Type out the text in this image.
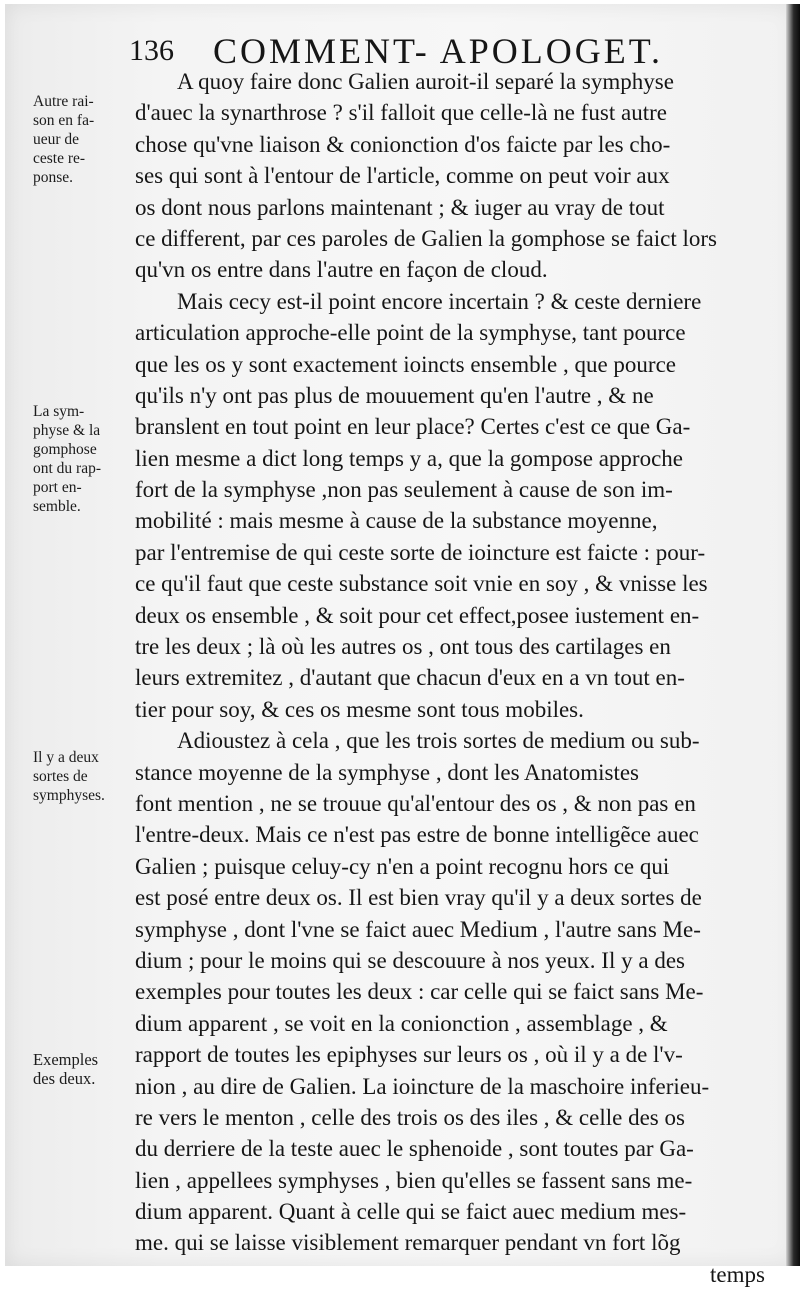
136 COMMENT- APOLOGET.
Autre rai-
son en fa-
ueur de
ceste re-
ponse.
La sym-
physe & la
gomphose
ont du rap-
port en-
semble.
Il y a deux
sortes de
symphyses.
Exemples
des deux.
A quoy faire donc Galien auroit-il separé la symphyse
d'auec la synarthrose ? s'il falloit que celle-là ne fust autre
chose qu'vne liaison & conionction d'os faicte par les cho-
ses qui sont à l'entour de l'article, comme on peut voir aux
os dont nous parlons maintenant ; & iuger au vray de tout
ce different, par ces paroles de Galien la gomphose se faict lors
qu'vn os entre dans l'autre en façon de cloud.
Mais cecy est-il point encore incertain ? & ceste derniere
articulation approche-elle point de la symphyse, tant pource
que les os y sont exactement ioincts ensemble , que pource
qu'ils n'y ont pas plus de mouuement qu'en l'autre , & ne
branslent en tout point en leur place? Certes c'est ce que Ga-
lien mesme a dict long temps y a, que la gompose approche
fort de la symphyse ,non pas seulement à cause de son im-
mobilité : mais mesme à cause de la substance moyenne,
par l'entremise de qui ceste sorte de ioincture est faicte : pour-
ce qu'il faut que ceste substance soit vnie en soy , & vnisse les
deux os ensemble , & soit pour cet effect,posee iustement en-
tre les deux ; là où les autres os , ont tous des cartilages en
leurs extremitez , d'autant que chacun d'eux en a vn tout en-
tier pour soy, & ces os mesme sont tous mobiles.
Adioustez à cela , que les trois sortes de medium ou sub-
stance moyenne de la symphyse , dont les Anatomistes
font mention , ne se trouue qu'al'entour des os , & non pas en
l'entre-deux. Mais ce n'est pas estre de bonne intelligẽce auec
Galien ; puisque celuy-cy n'en a point recognu hors ce qui
est posé entre deux os. Il est bien vray qu'il y a deux sortes de
symphyse , dont l'vne se faict auec Medium , l'autre sans Me-
dium ; pour le moins qui se descouure à nos yeux. Il y a des
exemples pour toutes les deux : car celle qui se faict sans Me-
dium apparent , se voit en la conionction , assemblage , &
rapport de toutes les epiphyses sur leurs os , où il y a de l'v-
nion , au dire de Galien. La ioincture de la maschoire inferieu-
re vers le menton , celle des trois os des iles , & celle des os
du derriere de la teste auec le sphenoide , sont toutes par Ga-
lien , appellees symphyses , bien qu'elles se fassent sans me-
dium apparent. Quant à celle qui se faict auec medium mes-
me. qui se laisse visiblement remarquer pendant vn fort lõg
temps
